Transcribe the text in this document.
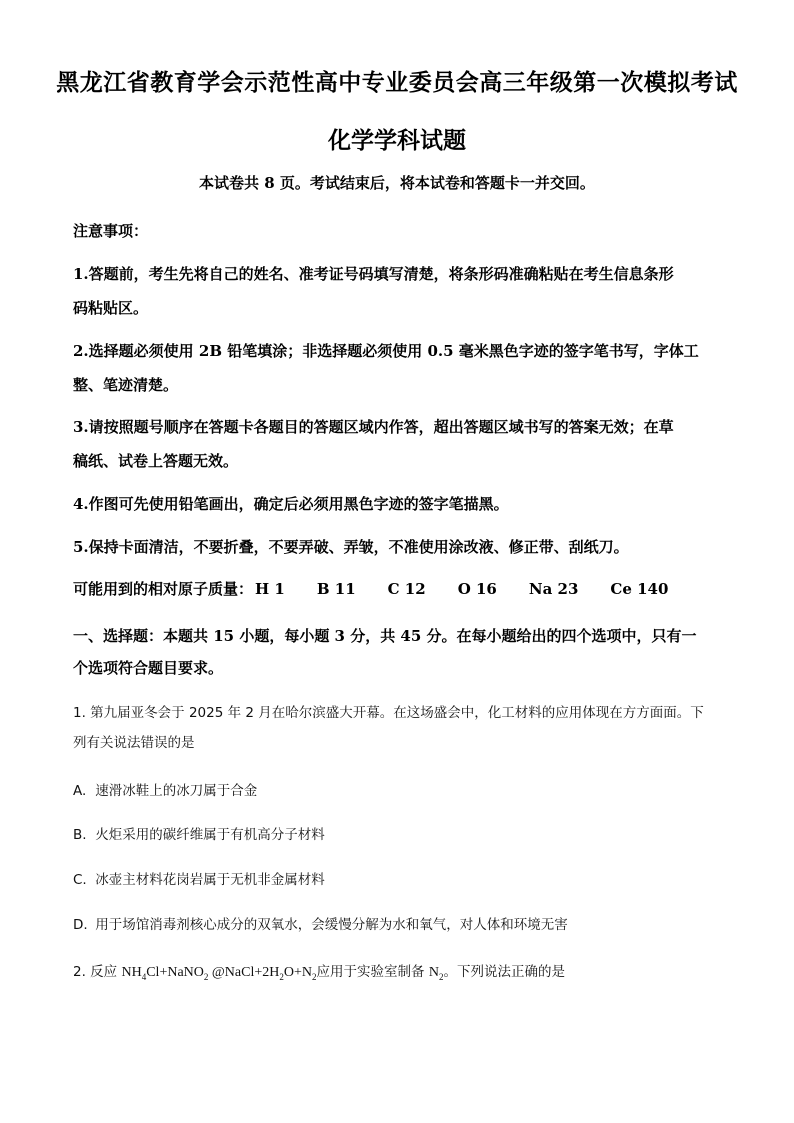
黑龙江省教育学会示范性高中专业委员会高三年级第一次模拟考试
化学学科试题
本试卷共 8 页。考试结束后，将本试卷和答题卡一并交回。
注意事项：
1.答题前，考生先将自己的姓名、准考证号码填写清楚，将条形码准确粘贴在考生信息条形
码粘贴区。
2.选择题必须使用 2B 铅笔填涂；非选择题必须使用 0.5 毫米黑色字迹的签字笔书写，字体工
整、笔迹清楚。
3.请按照题号顺序在答题卡各题目的答题区域内作答，超出答题区域书写的答案无效；在草
稿纸、试卷上答题无效。
4.作图可先使用铅笔画出，确定后必须用黑色字迹的签字笔描黑。
5.保持卡面清洁，不要折叠，不要弄破、弄皱，不准使用涂改液、修正带、刮纸刀。
可能用到的相对原子质量： H 1 B 11 C 12 O 16 Na 23 Ce 140
一、选择题：本题共 15 小题，每小题 3 分，共 45 分。在每小题给出的四个选项中，只有一
个选项符合题目要求。
1. 第九届亚冬会于 2025 年 2 月在哈尔滨盛大开幕。在这场盛会中，化工材料的应用体现在方方面面。下
列有关说法错误的是
A. 速滑冰鞋上的冰刀属于合金
B. 火炬采用的碳纤维属于有机高分子材料
C. 冰壶主材料花岗岩属于无机非金属材料
D. 用于场馆消毒剂核心成分的双氧水，会缓慢分解为水和氧气，对人体和环境无害
2. 反应 $NH_4Cl+NaNO_2$ $@NaCl+2H_2O+N_2$应用于实验室制备 $N_2$。下列说法正确的是
